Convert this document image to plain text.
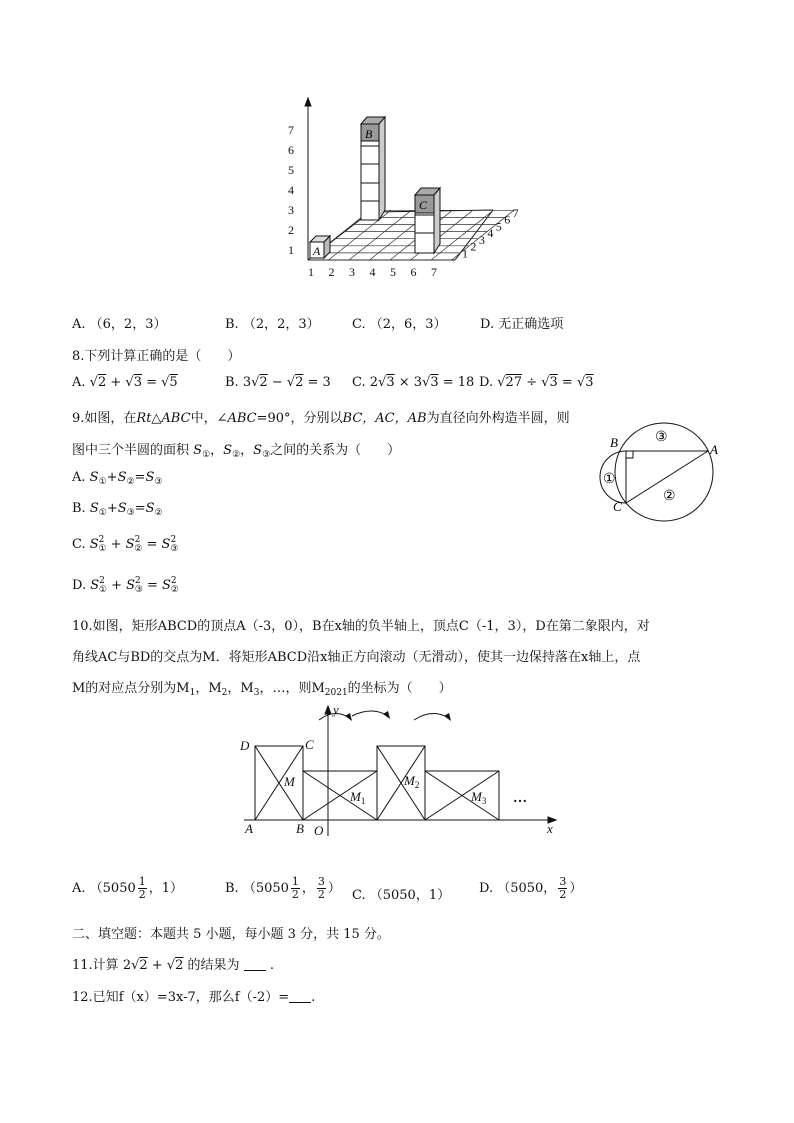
1
2
3
4
5
6
7
1 2 3 4 5 6 7
1 2 3 4 5 6 7
A
B
C
A. （6，2，3）	B. （2，2，3） C. （2，6，3）	D. 无正确选项
8.下列计算正确的是（　　）
A. √2 + √3 = √5	B. 3√2 − √2 = 3 C. 2√3 × 3√3 = 18 D. √27 ÷ √3 = √3
9.如图，在Rt△ABC中，∠ABC=90°，分别以BC，AC，AB为直径向外构造半圆，则
图中三个半圆的面积 $S_①$，$S_②$，$S_③$之间的关系为（　　）
A. $S_①+S_②=S_③$
B. $S_①+S_③=S_②$
C. $S^2_① + S^2_② = S^2_③$
D. $S^2_① + S^2_③ = S^2_②$
B	A
C
①
②
③
10.如图，矩形ABCD的顶点A（-3，0），B在x轴的负半轴上，顶点C（-1，3），D在第二象限内，对
角线AC与BD的交点为M．将矩形ABCD沿x轴正方向滚动（无滑动），使其一边保持落在x轴上，点
M的对应点分别为$M_1$，$M_2$，$M_3$，…，则$M_{2021}$的坐标为（　　）
D	C
A	B O
y
x
M
$M_1$
$M_2$
$M_3$ …
A. （$5050 \frac{1}{2}$ ，1）	B. （$5050 \frac{1}{2}$ ， $\frac{3}{2}$ ） C. （5050，1） D. （5050， $\frac{3}{2}$ ）
二、填空题：本题共 5 小题，每小题 3 分，共 15 分。
11.计算 2√2 + √2 的结果为 .
12.已知f（x）=3x-7，那么f（-2）= .
